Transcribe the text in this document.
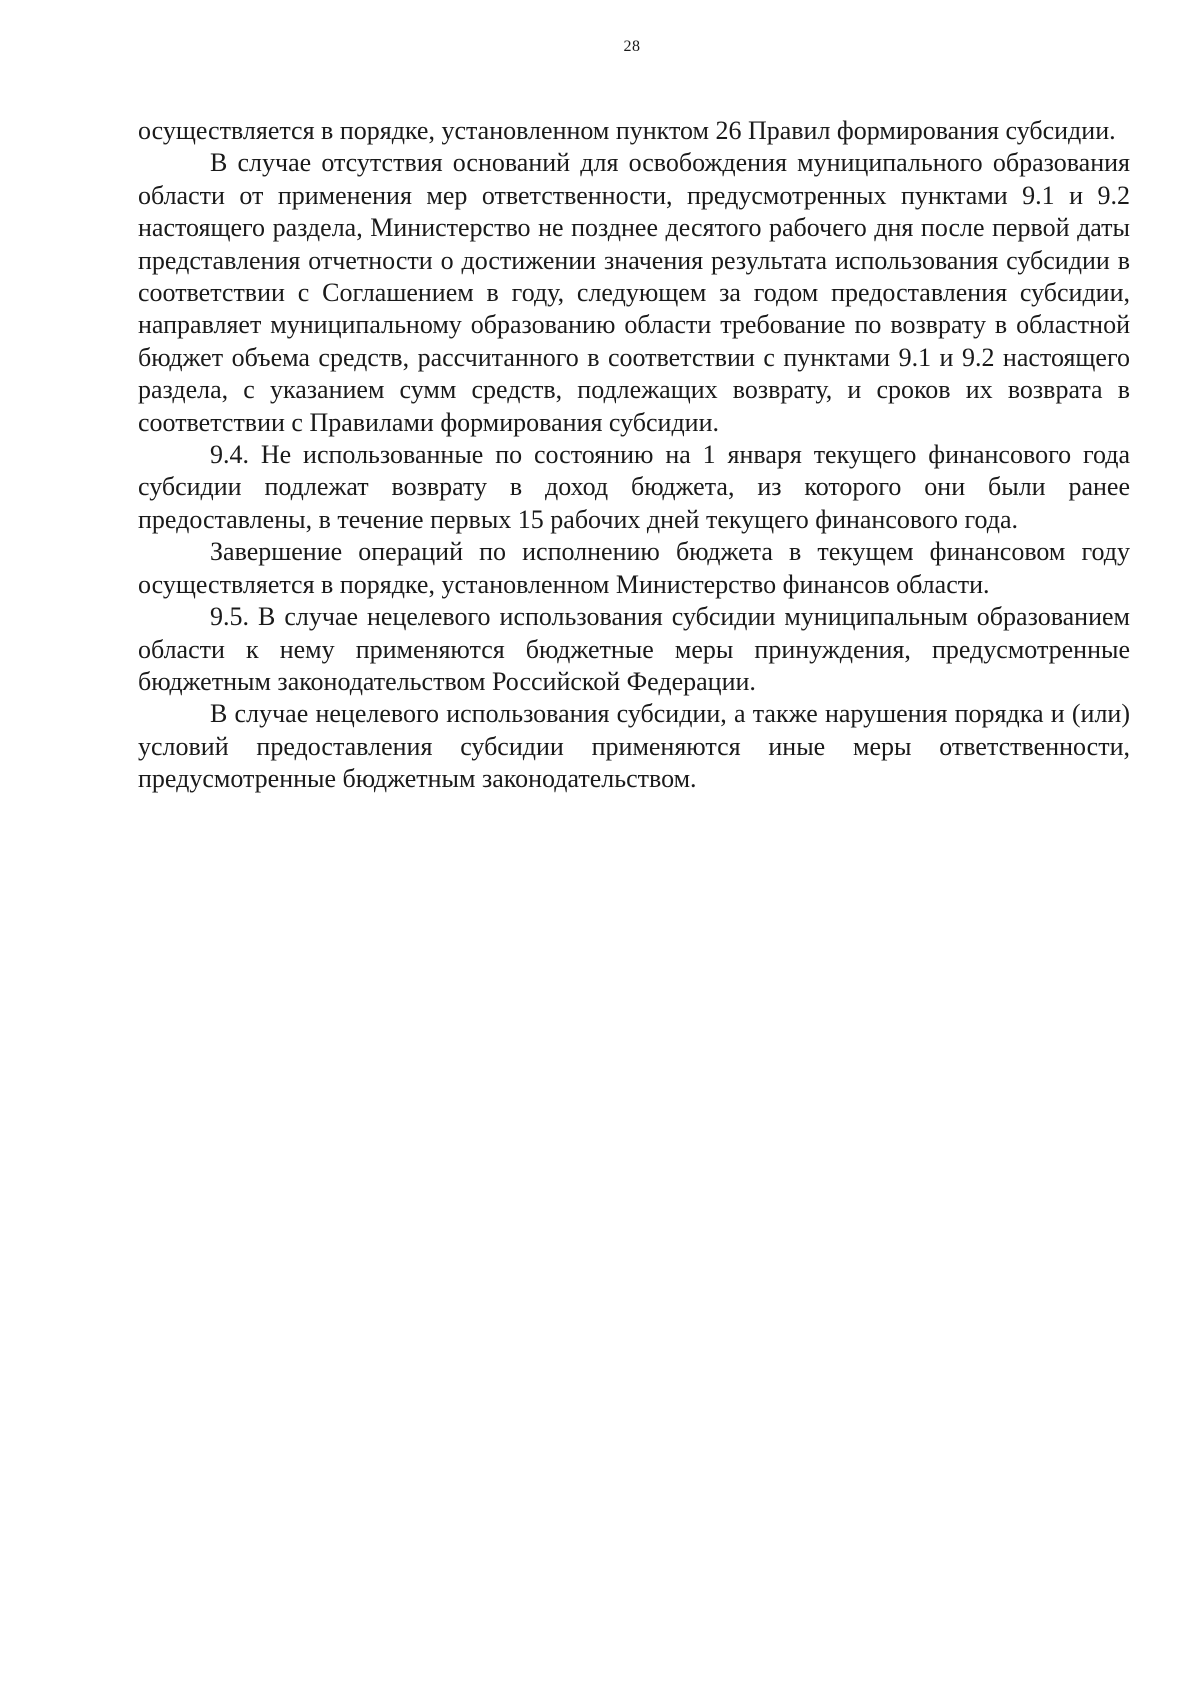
28

осуществляется в порядке, установленном пунктом 26 Правил формирования субсидии.

В случае отсутствия оснований для освобождения муниципального образования области от применения мер ответственности, предусмотренных пунктами 9.1 и 9.2 настоящего раздела, Министерство не позднее десятого рабочего дня после первой даты представления отчетности о достижении значения результата использования субсидии в соответствии с Соглашением в году, следующем за годом предоставления субсидии, направляет муниципальному образованию области требование по возврату в областной бюджет объема средств, рассчитанного в соответствии с пунктами 9.1 и 9.2 настоящего раздела, с указанием сумм средств, подлежащих возврату, и сроков их возврата в соответствии с Правилами формирования субсидии.

9.4. Не использованные по состоянию на 1 января текущего финансового года субсидии подлежат возврату в доход бюджета, из которого они были ранее предоставлены, в течение первых 15 рабочих дней текущего финансового года.

Завершение операций по исполнению бюджета в текущем финансовом году осуществляется в порядке, установленном Министерство финансов области.

9.5. В случае нецелевого использования субсидии муниципальным образованием области к нему применяются бюджетные меры принуждения, предусмотренные бюджетным законодательством Российской Федерации.

В случае нецелевого использования субсидии, а также нарушения порядка и (или) условий предоставления субсидии применяются иные меры ответственности, предусмотренные бюджетным законодательством.
